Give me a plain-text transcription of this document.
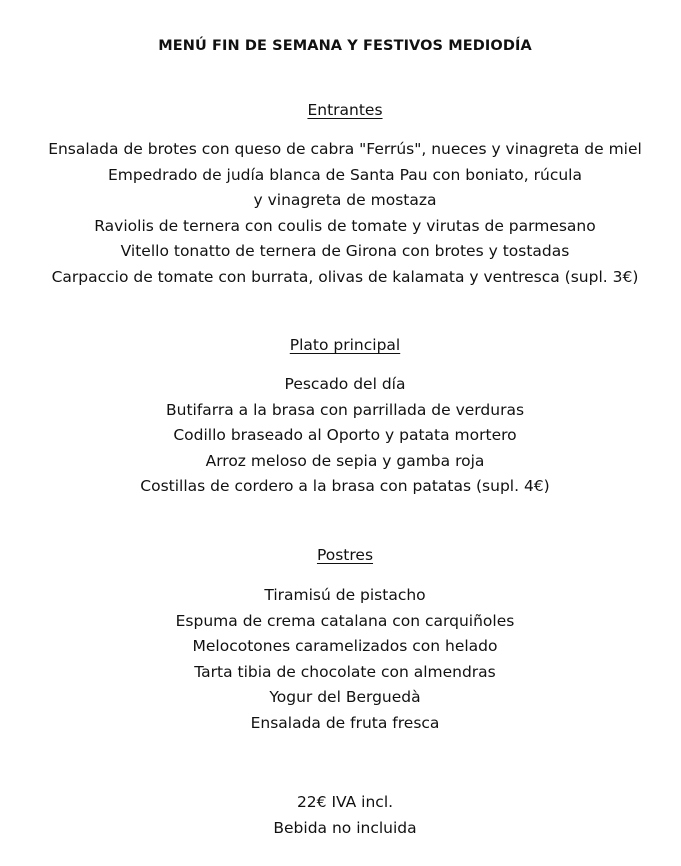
MENÚ FIN DE SEMANA Y FESTIVOS MEDIODÍA
Entrantes
Ensalada de brotes con queso de cabra "Ferrús", nueces y vinagreta de miel
Empedrado de judía blanca de Santa Pau con boniato, rúcula
y vinagreta de mostaza
Raviolis de ternera con coulis de tomate y virutas de parmesano
Vitello tonatto de ternera de Girona con brotes y tostadas
Carpaccio de tomate con burrata, olivas de kalamata y ventresca (supl. 3€)
Plato principal
Pescado del día
Butifarra a la brasa con parrillada de verduras
Codillo braseado al Oporto y patata mortero
Arroz meloso de sepia y gamba roja
Costillas de cordero a la brasa con patatas (supl. 4€)
Postres
Tiramisú de pistacho
Espuma de crema catalana con carquiñoles
Melocotones caramelizados con helado
Tarta tibia de chocolate con almendras
Yogur del Berguedà
Ensalada de fruta fresca
22€ IVA incl.
Bebida no incluida
